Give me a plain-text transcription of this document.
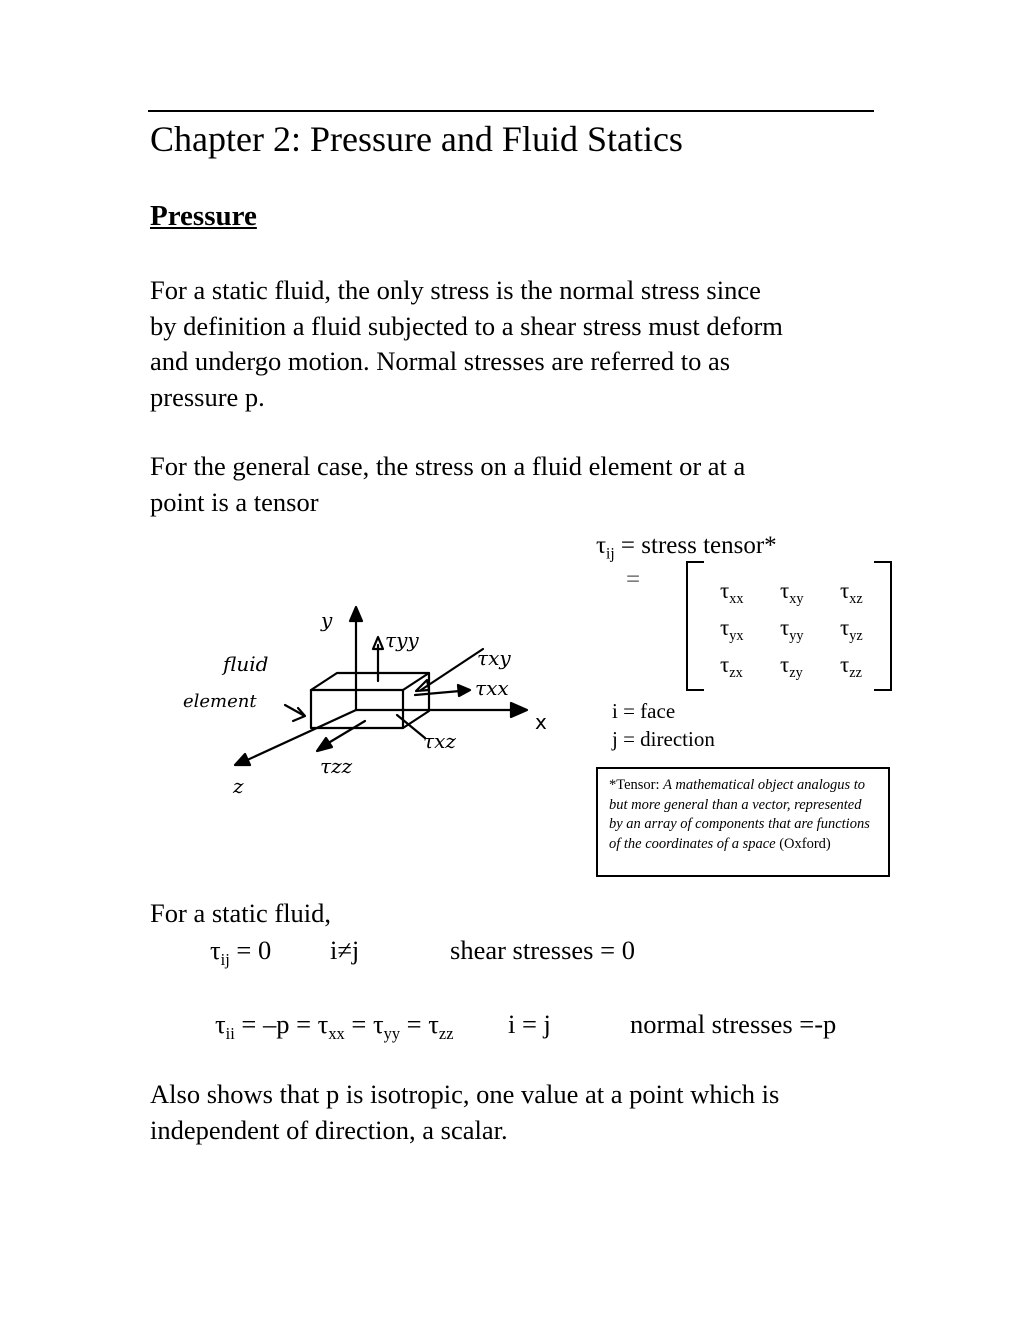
Chapter 2: Pressure and Fluid Statics
Pressure
For a static fluid, the only stress is the normal stress since
by definition a fluid subjected to a shear stress must deform
and undergo motion. Normal stresses are referred to as
pressure p.
For the general case, the stress on a fluid element or at a
point is a tensor
fluid
element
y
x
z
τyy
τxy
τxx
τxz
τzz
$\tau_{ij}$ = stress tensor*
=	$\tau_{xx}$ $\tau_{xy}$ $\tau_{xz}$
$\tau_{yx}$ $\tau_{yy}$ $\tau_{yz}$
$\tau_{zx}$ $\tau_{zy}$ $\tau_{zz}$
i = face
j = direction
*Tensor: A mathematical object analogus to but more general than a vector, represented by an array of components that are functions of the coordinates of a space (Oxford)
For a static fluid,
$\tau_{ij} = 0$ i≠j	shear stresses = 0
$\tau_{ii} = -p = \tau_{xx} = \tau_{yy} = \tau_{zz}$ i = j	normal stresses =-p
Also shows that p is isotropic, one value at a point which is
independent of direction, a scalar.
